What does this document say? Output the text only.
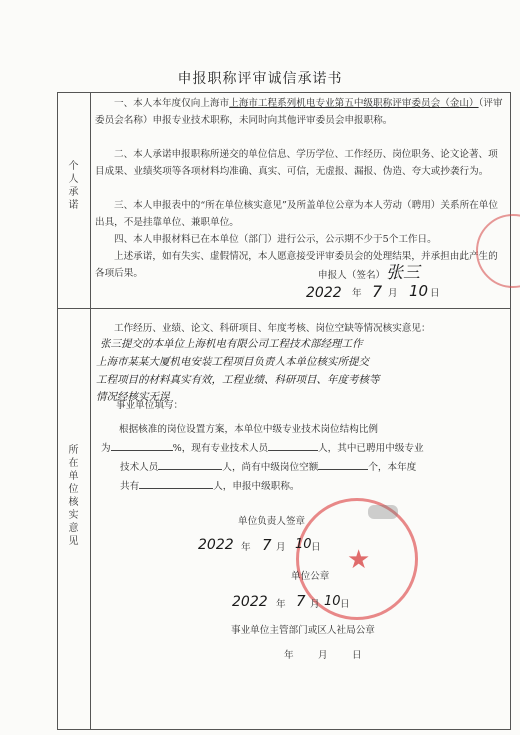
申报职称评审诚信承诺书
个
人
承
诺
一、本人本年度仅向上海市上海市工程系列机电专业第五中级职称评审委员会（金山）（评审委员会名称）申报专业技术职称，未同时向其他评审委员会申报职称。
二、本人承诺申报职称所递交的单位信息、学历学位、工作经历、岗位职务、论文论著、项目成果、业绩奖项等各项材料均准确、真实、可信，无虚报、漏报、伪造、夸大或抄袭行为。
三、本人申报表中的“所在单位核实意见”及所盖单位公章为本人劳动（聘用）关系所在单位出具，不是挂靠单位、兼职单位。
四、本人申报材料已在本单位（部门）进行公示，公示期不少于5个工作日。
上述承诺，如有失实、虚假情况，本人愿意接受评审委员会的处理结果，并承担由此产生的各项后果。	申报人（签名） 张三
2022 年 7 月 10 日
所
在
单
位
核
实
意
见
工作经历、业绩、论文、科研项目、年度考核、岗位空缺等情况核实意见：
张三提交的本单位上海机电有限公司工程技术部经理工作
上海市某某大厦机电安装工程项目负责人本单位核实所提交
工程项目的材料真实有效，工程业绩、科研项目、年度考核等
情况经核实无误
事业单位填写：
根据核准的岗位设置方案，本单位中级专业技术岗位结构比例
为	%，现有专业技术人员	人，其中已聘用中级专业
技术人员	人，尚有中级岗位空额	个，本年度
共有	人，申报中级职称。
★
单位负责人签章
2022 年 7 月 10 日
单位公章
2022 年 7 月 10 日
事业单位主管部门或区人社局公章
年	月	日
